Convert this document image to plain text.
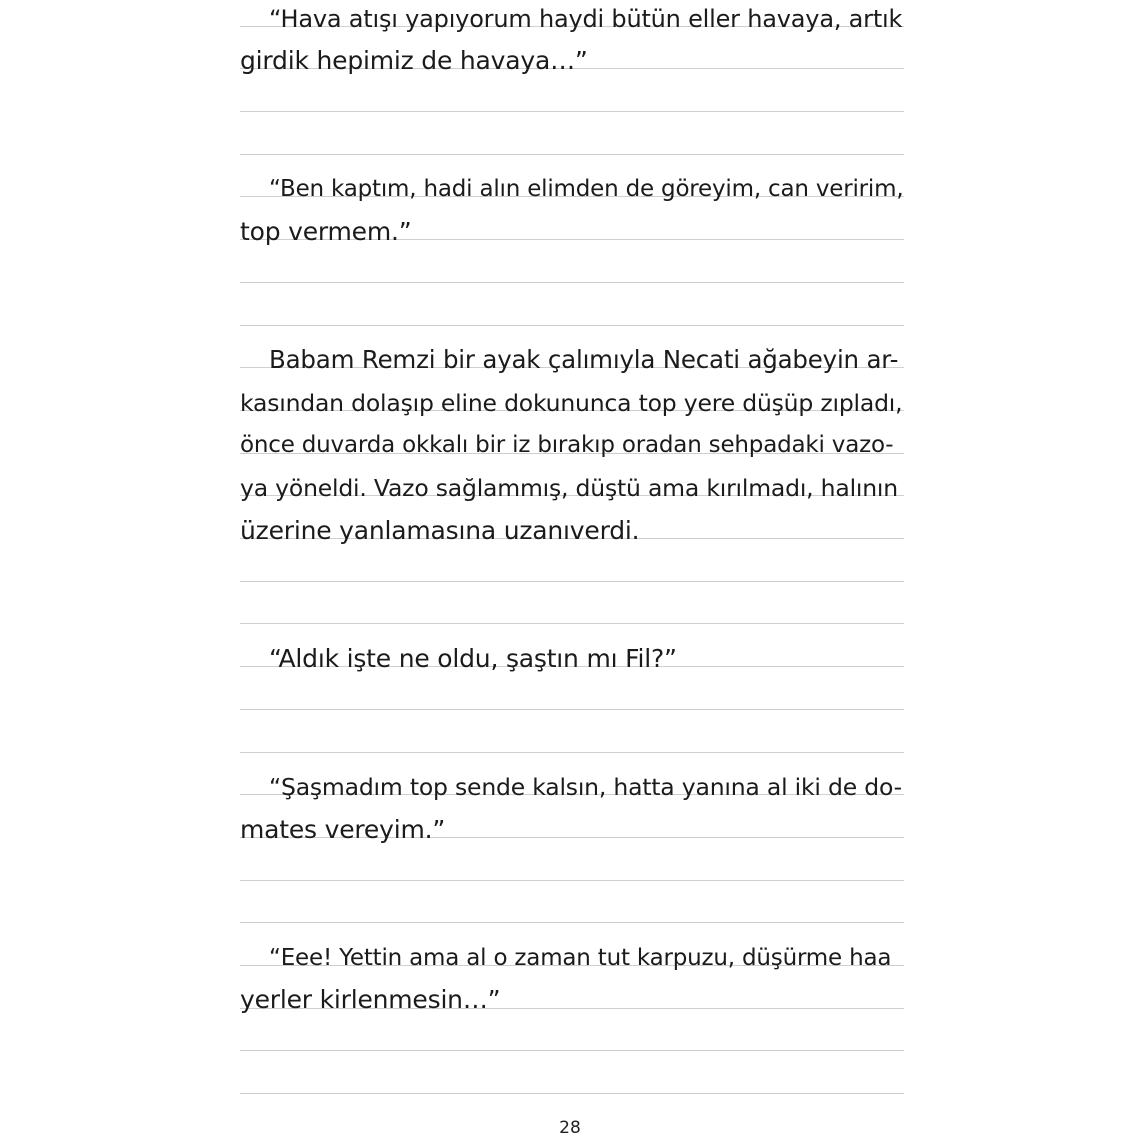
“Hava atışı yapıyorum haydi bütün eller havaya, artık
girdik hepimiz de havaya…”
“Ben kaptım, hadi alın elimden de göreyim, can veririm,
top vermem.”
Babam Remzi bir ayak çalımıyla Necati ağabeyin ar-
kasından dolaşıp eline dokununca top yere düşüp zıpladı,
önce duvarda okkalı bir iz bırakıp oradan sehpadaki vazo-
ya yöneldi. Vazo sağlammış, düştü ama kırılmadı, halının
üzerine yanlamasına uzanıverdi.
“Aldık işte ne oldu, şaştın mı Fil?”
“Şaşmadım top sende kalsın, hatta yanına al iki de do-
mates vereyim.”
“Eee! Yettin ama al o zaman tut karpuzu, düşürme haa
yerler kirlenmesin…”
28
